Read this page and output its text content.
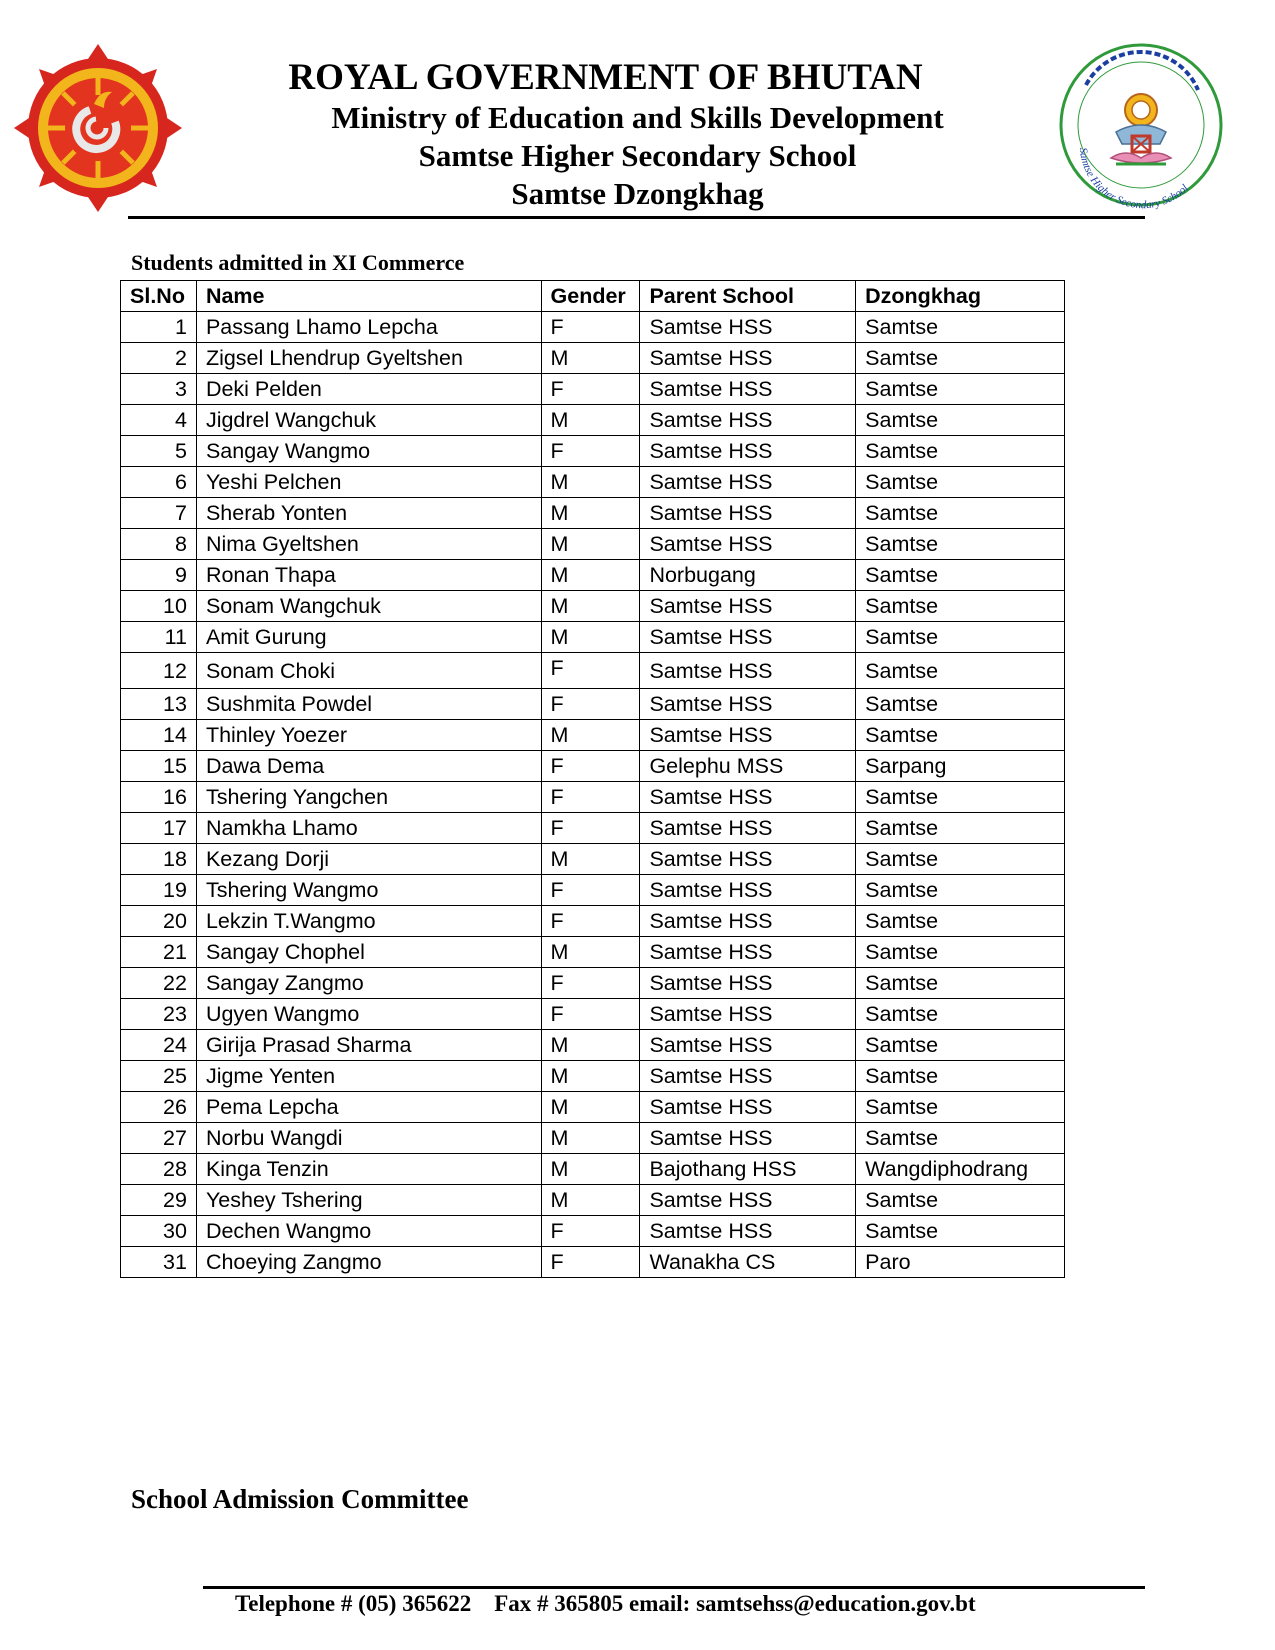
Samtse Higher Secondary School
ROYAL GOVERNMENT OF BHUTAN
Ministry of Education and Skills Development
Samtse Higher Secondary School
Samtse Dzongkhag
Students admitted in XI Commerce
Sl.No	Name	Gender	Parent School	Dzongkhag
1	Passang Lhamo Lepcha	F	Samtse HSS	Samtse
2	Zigsel Lhendrup Gyeltshen	M	Samtse HSS	Samtse
3	Deki Pelden	F	Samtse HSS	Samtse
4	Jigdrel Wangchuk	M	Samtse HSS	Samtse
5	Sangay Wangmo	F	Samtse HSS	Samtse
6	Yeshi Pelchen	M	Samtse HSS	Samtse
7	Sherab Yonten	M	Samtse HSS	Samtse
8	Nima Gyeltshen	M	Samtse HSS	Samtse
9	Ronan Thapa	M	Norbugang	Samtse
10	Sonam Wangchuk	M	Samtse HSS	Samtse
11	Amit Gurung	M	Samtse HSS	Samtse
12	Sonam Choki	F	Samtse HSS	Samtse
13	Sushmita Powdel	F	Samtse HSS	Samtse
14	Thinley Yoezer	M	Samtse HSS	Samtse
15	Dawa Dema	F	Gelephu MSS	Sarpang
16	Tshering Yangchen	F	Samtse HSS	Samtse
17	Namkha Lhamo	F	Samtse HSS	Samtse
18	Kezang Dorji	M	Samtse HSS	Samtse
19	Tshering Wangmo	F	Samtse HSS	Samtse
20	Lekzin T.Wangmo	F	Samtse HSS	Samtse
21	Sangay Chophel	M	Samtse HSS	Samtse
22	Sangay Zangmo	F	Samtse HSS	Samtse
23	Ugyen Wangmo	F	Samtse HSS	Samtse
24	Girija Prasad Sharma	M	Samtse HSS	Samtse
25	Jigme Yenten	M	Samtse HSS	Samtse
26	Pema Lepcha	M	Samtse HSS	Samtse
27	Norbu Wangdi	M	Samtse HSS	Samtse
28	Kinga Tenzin	M	Bajothang HSS	Wangdiphodrang
29	Yeshey Tshering	M	Samtse HSS	Samtse
30	Dechen Wangmo	F	Samtse HSS	Samtse
31	Choeying Zangmo	F	Wanakha CS	Paro
School Admission Committee
Telephone # (05) 365622 Fax # 365805 email: samtsehss@education.gov.bt
